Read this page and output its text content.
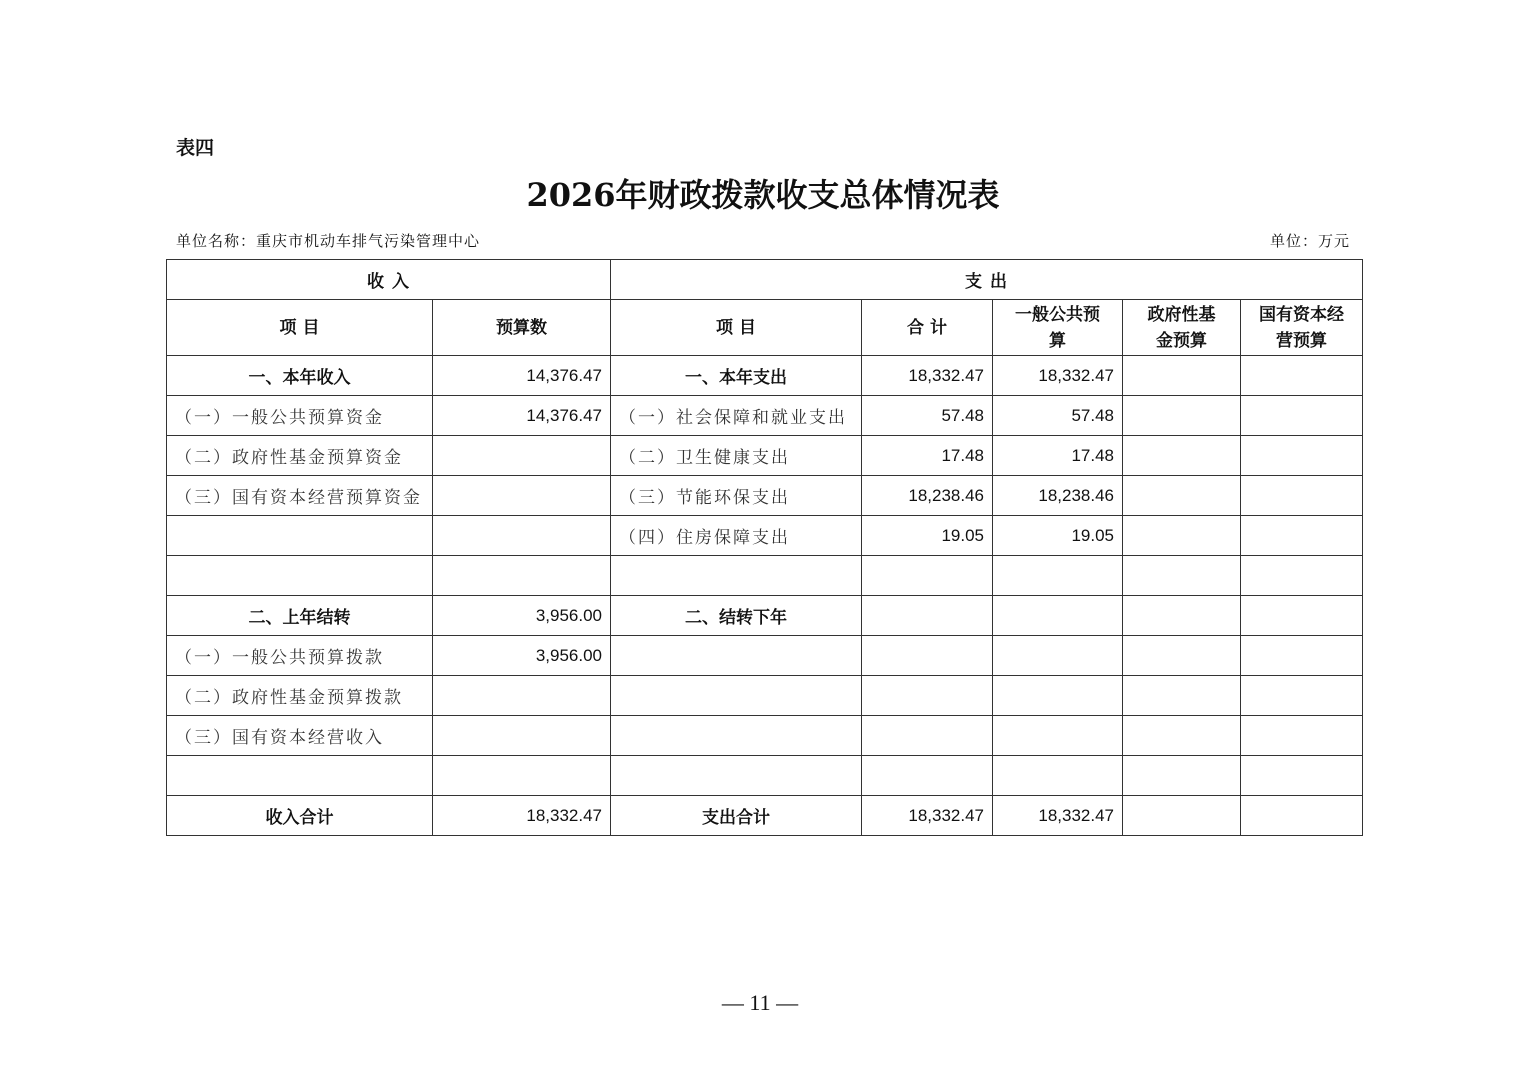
表四
2026年财政拨款收支总体情况表
单位名称：重庆市机动车排气污染管理中心	单位：万元
收 入		支 出				
项 目	预算数	项 目	合 计	一般公共预算	政府性基金预算	国有资本经营预算
一、本年收入	14,376.47	一、本年支出	18,332.47	18,332.47		
（一）一般公共预算资金	14,376.47	（一）社会保障和就业支出	57.48	57.48		
（二）政府性基金预算资金		（二）卫生健康支出	17.48	17.48		
（三）国有资本经营预算资金		（三）节能环保支出	18,238.46	18,238.46		
		（四）住房保障支出	19.05	19.05		

二、上年结转	3,956.00	二、结转下年				
（一）一般公共预算拨款	3,956.00					
（二）政府性基金预算拨款						
（三）国有资本经营收入						

收入合计	18,332.47	支出合计	18,332.47	18,332.47		
— 11 —
